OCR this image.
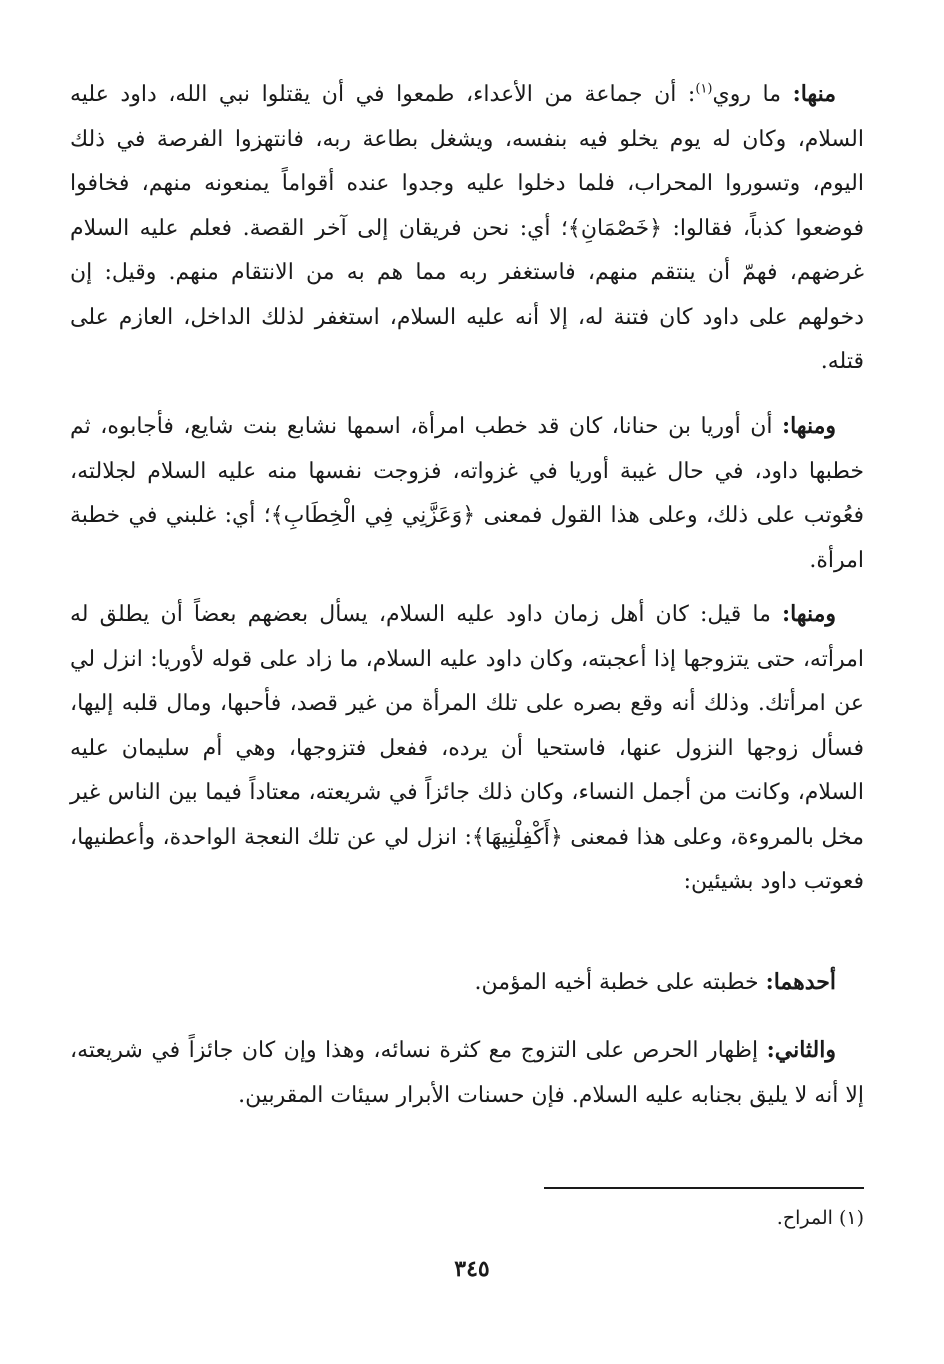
منها: ما روي$^{(١)}$: أن جماعة من الأعداء، طمعوا في أن يقتلوا نبي الله، داود عليه السلام، وكان له يوم يخلو فيه بنفسه، ويشغل بطاعة ربه، فانتهزوا الفرصة في ذلك اليوم، وتسوروا المحراب، فلما دخلوا عليه وجدوا عنده أقواماً يمنعونه منهم، فخافوا فوضعوا كذباً، فقالوا: ﴿خَصْمَانِ﴾؛ أي: نحن فريقان إلى آخر القصة. فعلم عليه السلام غرضهم، فهمّ أن ينتقم منهم، فاستغفر ربه مما هم به من الانتقام منهم. وقيل: إن دخولهم على داود كان فتنة له، إلا أنه عليه السلام، استغفر لذلك الداخل، العازم على قتله.

ومنها: أن أوريا بن حنانا، كان قد خطب امرأة، اسمها نشابع بنت شايع، فأجابوه، ثم خطبها داود، في حال غيبة أوريا في غزواته، فزوجت نفسها منه عليه السلام لجلالته، فعُوتب على ذلك، وعلى هذا القول فمعنى ﴿وَعَزَّنِي فِي الْخِطَابِ﴾؛ أي: غلبني في خطبة امرأة.

ومنها: ما قيل: كان أهل زمان داود عليه السلام، يسأل بعضهم بعضاً أن يطلق له امرأته، حتى يتزوجها إذا أعجبته، وكان داود عليه السلام، ما زاد على قوله لأوريا: انزل لي عن امرأتك. وذلك أنه وقع بصره على تلك المرأة من غير قصد، فأحبها، ومال قلبه إليها، فسأل زوجها النزول عنها، فاستحيا أن يرده، ففعل فتزوجها، وهي أم سليمان عليه السلام، وكانت من أجمل النساء، وكان ذلك جائزاً في شريعته، معتاداً فيما بين الناس غير مخل بالمروءة، وعلى هذا فمعنى ﴿أَكْفِلْنِيهَا﴾: انزل لي عن تلك النعجة الواحدة، وأعطنيها، فعوتب داود بشيئين:

أحدهما: خطبته على خطبة أخيه المؤمن.

والثاني: إظهار الحرص على التزوج مع كثرة نسائه، وهذا وإن كان جائزاً في شريعته، إلا أنه لا يليق بجنابه عليه السلام. فإن حسنات الأبرار سيئات المقربين.

(١) المراح.
٣٤٥
